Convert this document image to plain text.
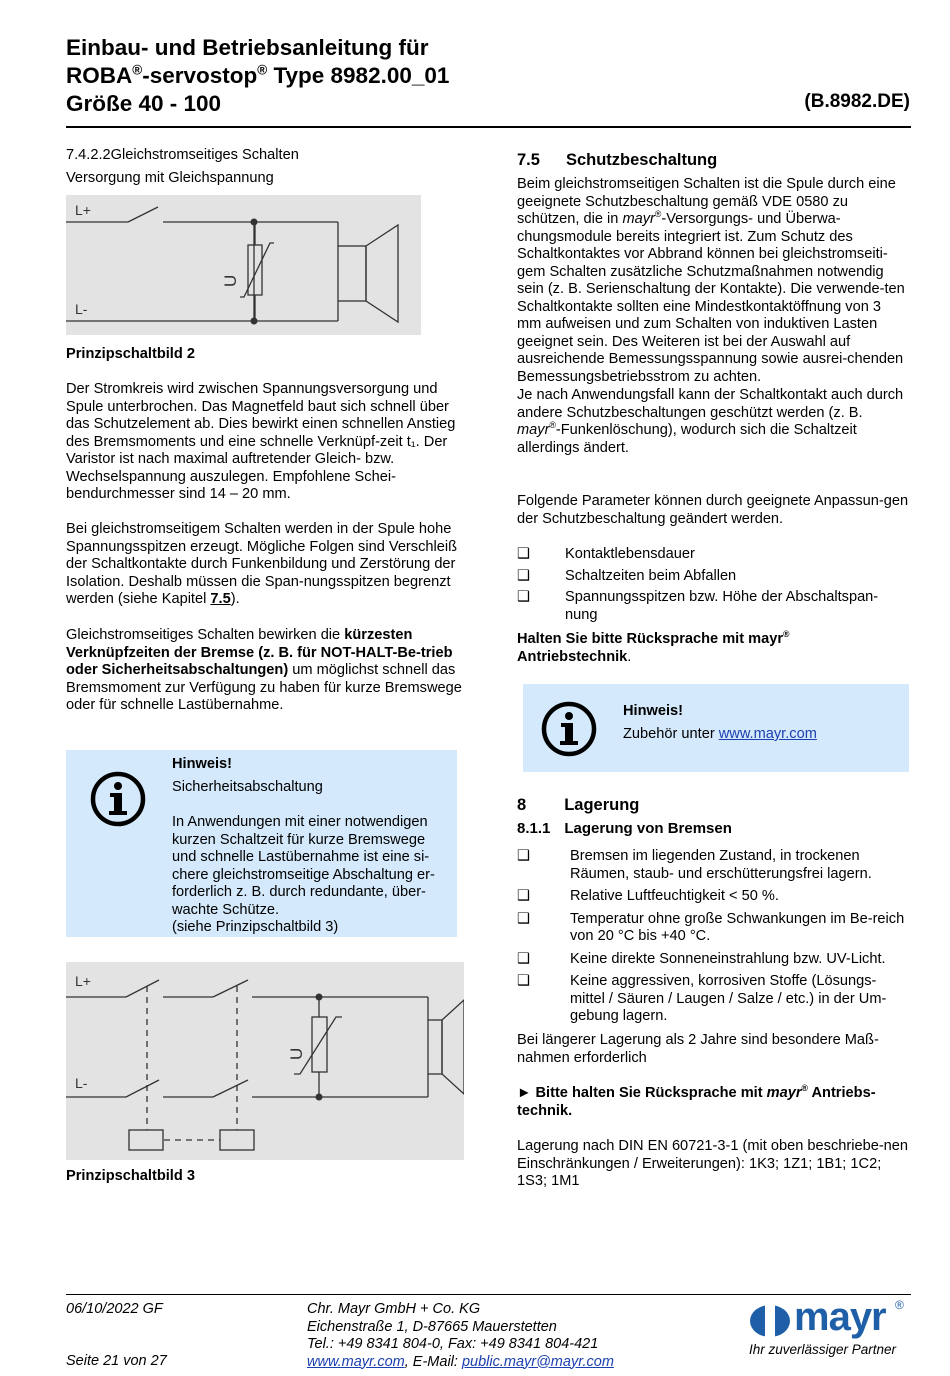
Einbau- und Betriebsanleitung für
ROBA®-servostop® Type 8982.00_01
Größe 40 - 100	(B.8982.DE)
7.4.2.2Gleichstromseitiges Schalten
Versorgung mit Gleichspannung
L+
L-
U
Prinzipschaltbild 2
Der Stromkreis wird zwischen Spannungsversorgung und Spule unterbrochen. Das Magnetfeld baut sich schnell über das Schutzelement ab. Dies bewirkt einen schnellen Anstieg des Bremsmoments und eine schnelle Verknüpf-zeit t₁. Der Varistor ist nach maximal auftretender Gleich- bzw. Wechselspannung auszulegen. Empfohlene Schei-bendurchmesser sind 14 – 20 mm.
Bei gleichstromseitigem Schalten werden in der Spule hohe Spannungsspitzen erzeugt. Mögliche Folgen sind Verschleiß der Schaltkontakte durch Funkenbildung und Zerstörung der Isolation. Deshalb müssen die Span-nungsspitzen begrenzt werden (siehe Kapitel 7.5).
Gleichstromseitiges Schalten bewirken die kürzesten Verknüpfzeiten der Bremse (z. B. für NOT-HALT-Be-trieb oder Sicherheitsabschaltungen) um möglichst schnell das Bremsmoment zur Verfügung zu haben für kurze Bremswege oder für schnelle Lastübernahme.
Hinweis!
Sicherheitsabschaltung
In Anwendungen mit einer notwendigen kurzen Schaltzeit für kurze Bremswege und schnelle Lastübernahme ist eine si-chere gleichstromseitige Abschaltung er-forderlich z. B. durch redundante, über-wachte Schütze.
(siehe Prinzipschaltbild 3)
L+
L-
U
Prinzipschaltbild 3
7.5 Schutzbeschaltung
Beim gleichstromseitigen Schalten ist die Spule durch eine geeignete Schutzbeschaltung gemäß VDE 0580 zu schützen, die in mayr®-Versorgungs- und Überwa-chungsmodule bereits integriert ist. Zum Schutz des Schaltkontaktes vor Abbrand können bei gleichstromseiti-gem Schalten zusätzliche Schutzmaßnahmen notwendig sein (z. B. Serienschaltung der Kontakte). Die verwende-ten Schaltkontakte sollten eine Mindestkontaktöffnung von 3 mm aufweisen und zum Schalten von induktiven Lasten geeignet sein. Des Weiteren ist bei der Auswahl auf ausreichende Bemessungsspannung sowie ausrei-chenden Bemessungsbetriebsstrom zu achten.
Je nach Anwendungsfall kann der Schaltkontakt auch durch andere Schutzbeschaltungen geschützt werden (z. B. mayr®-Funkenlöschung), wodurch sich die Schaltzeit allerdings ändert.
Folgende Parameter können durch geeignete Anpassun-gen der Schutzbeschaltung geändert werden.
❑ Kontaktlebensdauer
❑ Schaltzeiten beim Abfallen
❑ Spannungsspitzen bzw. Höhe der Abschaltspan-nung
Halten Sie bitte Rücksprache mit mayr®
Antriebstechnik.
Hinweis!
Zubehör unter www.mayr.com
8 Lagerung
8.1.1 Lagerung von Bremsen
❑	Bremsen im liegenden Zustand, in trockenen Räumen, staub- und erschütterungsfrei lagern.
❑	Relative Luftfeuchtigkeit < 50 %.
❑	Temperatur ohne große Schwankungen im Be-reich von 20 °C bis +40 °C.
❑	Keine direkte Sonneneinstrahlung bzw. UV-Licht.
❑	Keine aggressiven, korrosiven Stoffe (Lösungs-mittel / Säuren / Laugen / Salze / etc.) in der Um-gebung lagern.
Bei längerer Lagerung als 2 Jahre sind besondere Maß-nahmen erforderlich
► Bitte halten Sie Rücksprache mit mayr® Antriebs-technik.
Lagerung nach DIN EN 60721-3-1 (mit oben beschriebe-nen Einschränkungen / Erweiterungen): 1K3; 1Z1; 1B1; 1C2; 1S3; 1M1
06/10/2022 GF
Seite 21 von 27
Chr. Mayr GmbH + Co. KG
Eichenstraße 1, D-87665 Mauerstetten
Tel.: +49 8341 804-0, Fax: +49 8341 804-421
www.mayr.com, E-Mail: public.mayr@mayr.com
mayr ®
Ihr zuverlässiger Partner
